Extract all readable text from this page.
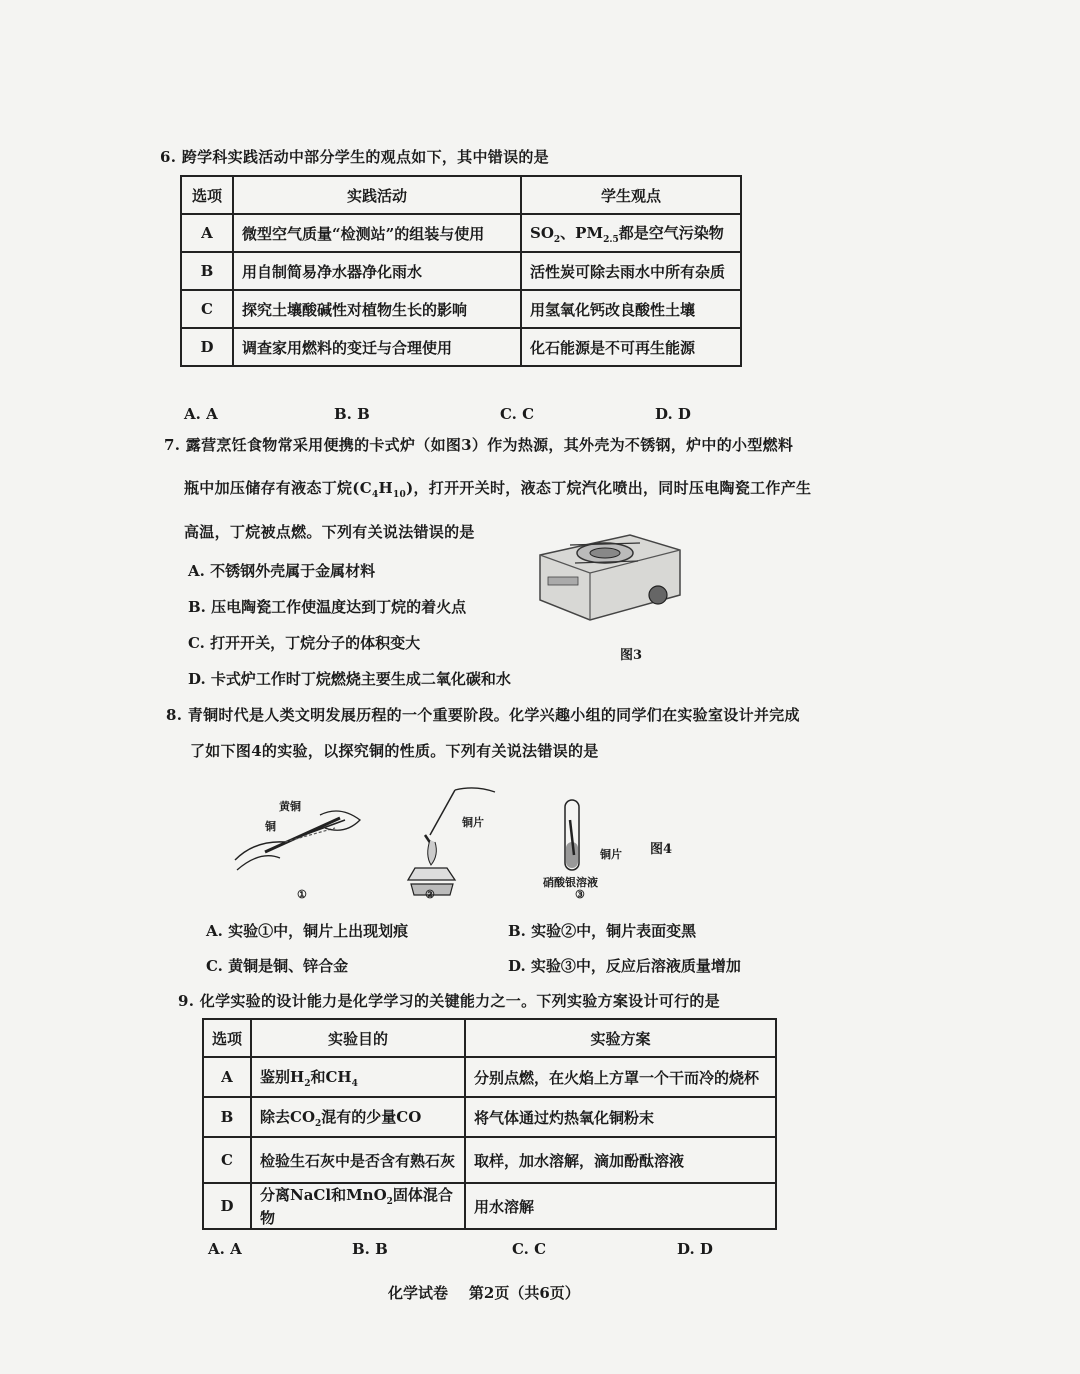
6. 跨学科实践活动中部分学生的观点如下，其中错误的是
选项	实践活动	学生观点
A	微型空气质量“检测站”的组装与使用	$SO_2$、$PM_{2.5}$都是空气污染物
B	用自制简易净水器净化雨水	活性炭可除去雨水中所有杂质
C	探究土壤酸碱性对植物生长的影响	用氢氧化钙改良酸性土壤
D	调查家用燃料的变迁与合理使用	化石能源是不可再生能源
A. A	B. B	C. C	D. D
7. 露营烹饪食物常采用便携的卡式炉（如图3）作为热源，其外壳为不锈钢，炉中的小型燃料
瓶中加压储存有液态丁烷$(C_4H_{10})$，打开开关时，液态丁烷汽化喷出，同时压电陶瓷工作产生
高温，丁烷被点燃。下列有关说法错误的是
A. 不锈钢外壳属于金属材料
B. 压电陶瓷工作使温度达到丁烷的着火点
C. 打开开关，丁烷分子的体积变大
D. 卡式炉工作时丁烷燃烧主要生成二氧化碳和水
图3
8. 青铜时代是人类文明发展历程的一个重要阶段。化学兴趣小组的同学们在实验室设计并完成
了如下图4的实验，以探究铜的性质。下列有关说法错误的是
黄铜
铜	铜片
铜片
硝酸银溶液
①	②	③
图4
A. 实验①中，铜片上出现划痕	B. 实验②中，铜片表面变黑
C. 黄铜是铜、锌合金	D. 实验③中，反应后溶液质量增加
9. 化学实验的设计能力是化学学习的关键能力之一。下列实验方案设计可行的是
选项	实验目的	实验方案
A	鉴别$H_2$和$CH_4$	分别点燃，在火焰上方罩一个干而冷的烧杯
B	除去$CO_2$混有的少量CO	将气体通过灼热氧化铜粉末
C	检验生石灰中是否含有熟石灰	取样，加水溶解，滴加酚酞溶液
D	分离NaCl和MnO$_2$固体混合物	用水溶解
A. A	B. B	C. C	D. D
化学试卷    第2页（共6页）
